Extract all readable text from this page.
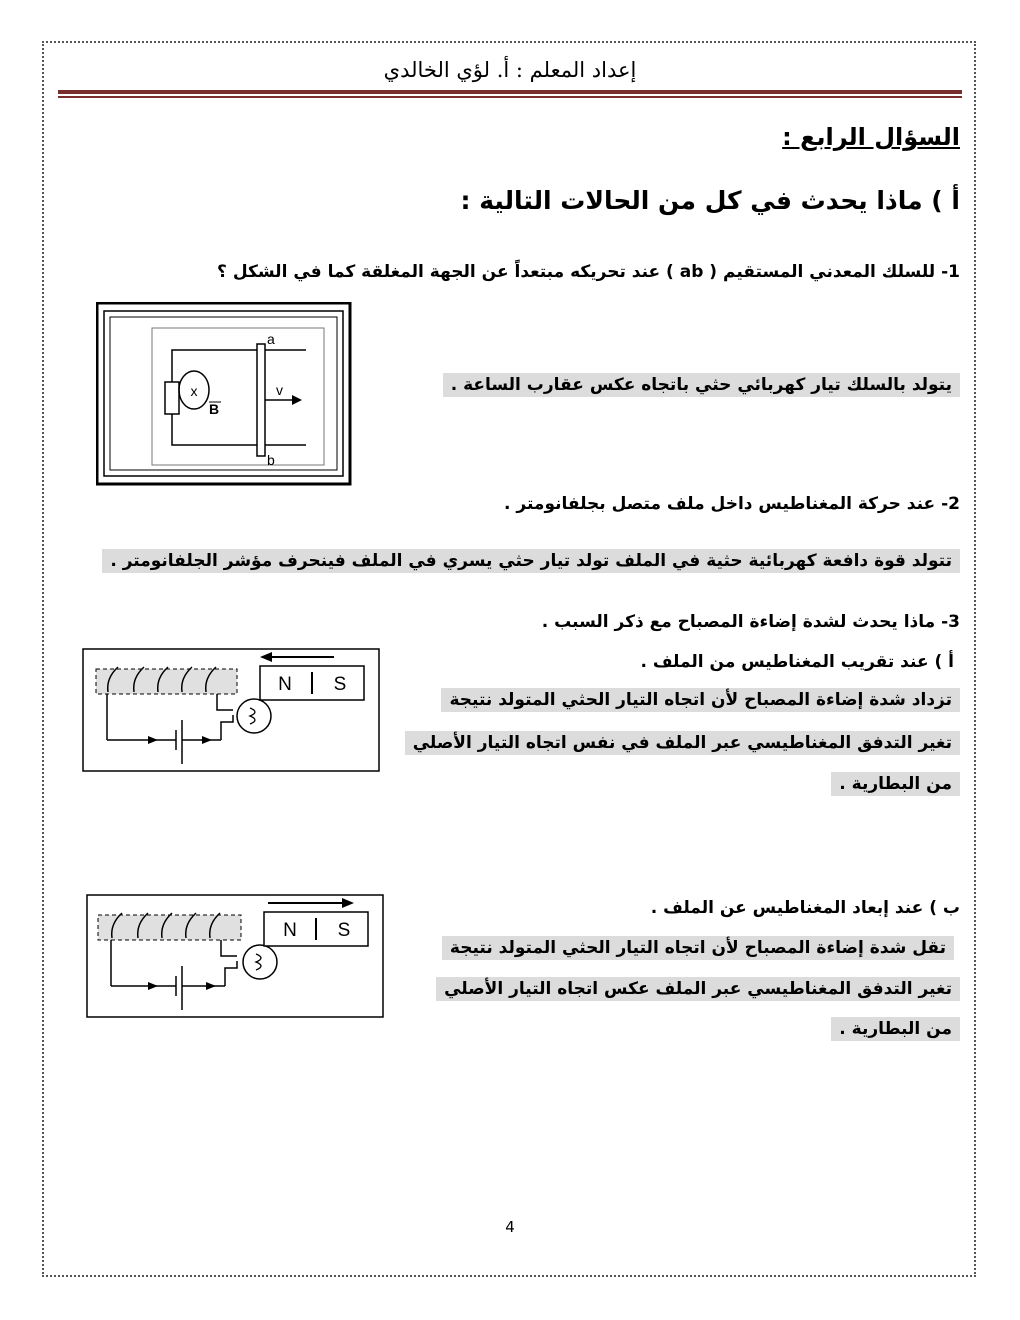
إعداد المعلم : أ. لؤي الخالدي
السؤال الرابع :
أ ) ماذا يحدث في كل من الحالات التالية :
1- للسلك المعدني المستقيم ( ab ) عند تحريكه مبتعداً عن الجهة المغلقة كما في الشكل ؟
x
B
a
b
v	يتولد بالسلك تيار كهربائي حثي باتجاه عكس عقارب الساعة .
2- عند حركة المغناطيس داخل ملف متصل بجلفانومتر .
تتولد قوة دافعة كهربائية حثية في الملف تولد تيار حثي يسري في الملف فينحرف مؤشر الجلفانومتر .
3- ماذا يحدث لشدة إضاءة المصباح مع ذكر السبب .
أ ) عند تقريب المغناطيس من الملف .
تزداد شدة إضاءة المصباح لأن اتجاه التيار الحثي المتولد نتيجة
تغير التدفق المغناطيسي عبر الملف في نفس اتجاه التيار الأصلي
من البطارية .
N S
ب ) عند إبعاد المغناطيس عن الملف .
تقل شدة إضاءة المصباح لأن اتجاه التيار الحثي المتولد نتيجة
تغير التدفق المغناطيسي عبر الملف عكس اتجاه التيار الأصلي
من البطارية .
N S
4
